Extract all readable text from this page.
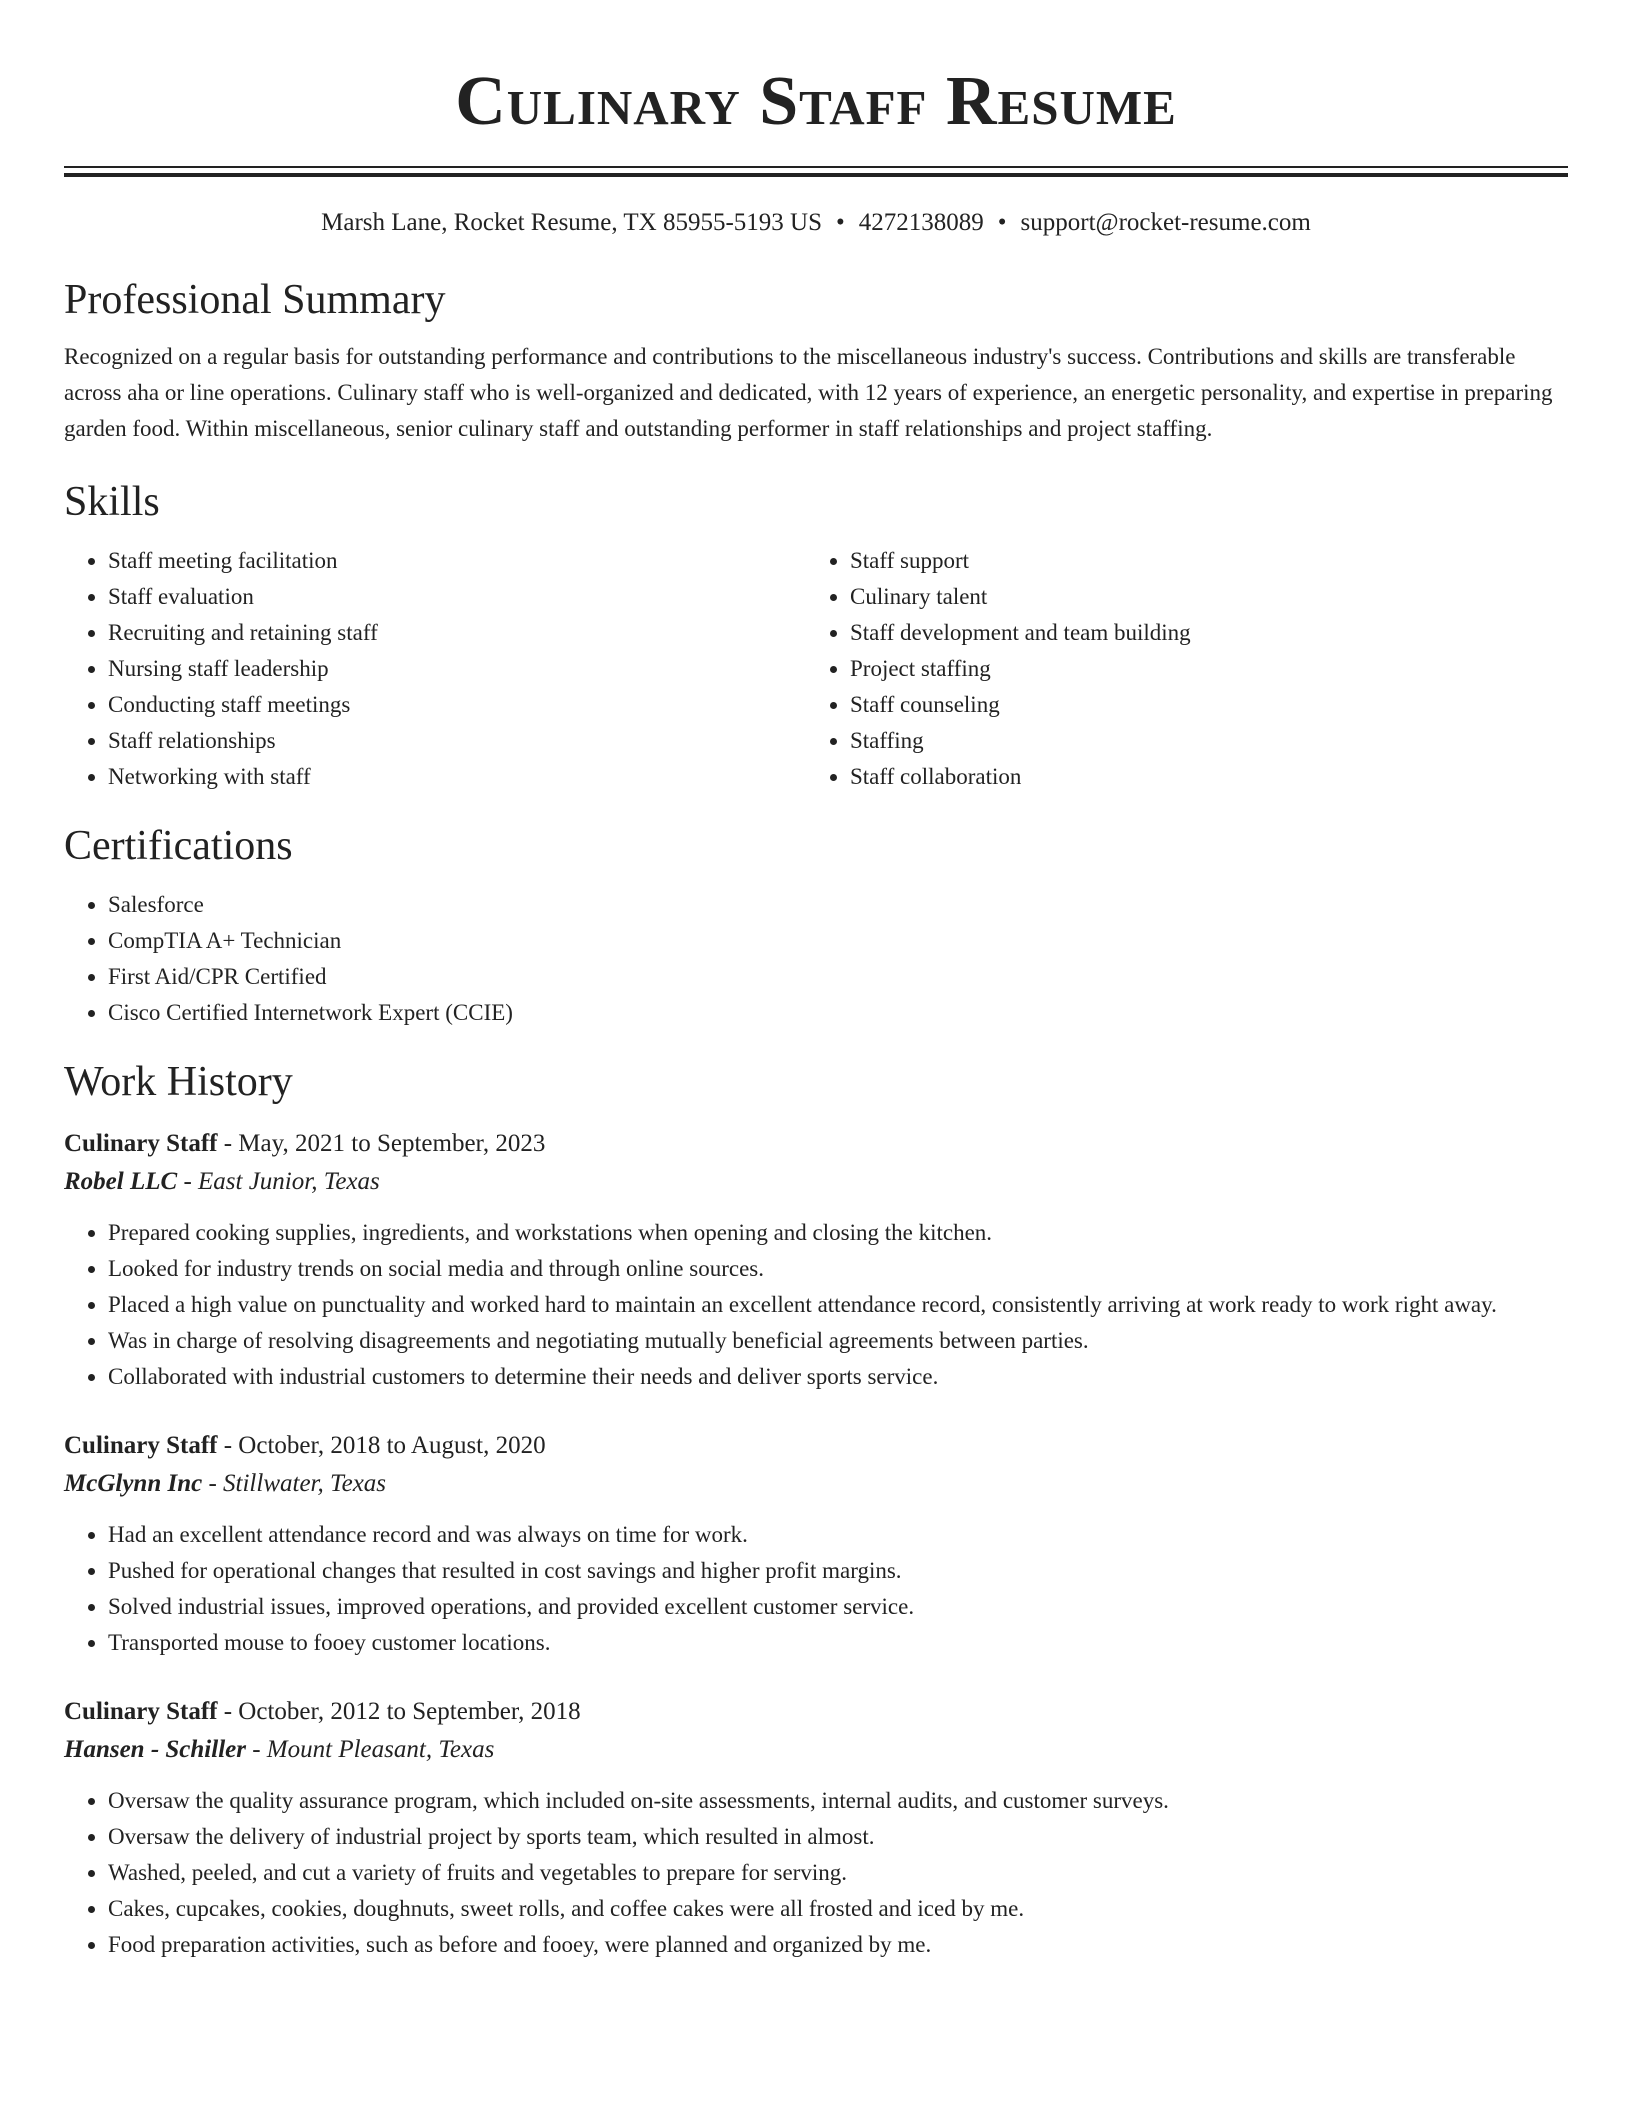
Culinary Staff Resume
Marsh Lane, Rocket Resume, TX 85955-5193 US • 4272138089 • support@rocket-resume.com
Professional Summary
Recognized on a regular basis for outstanding performance and contributions to the miscellaneous industry's success. Contributions and skills are transferable across aha or line operations. Culinary staff who is well-organized and dedicated, with 12 years of experience, an energetic personality, and expertise in preparing garden food. Within miscellaneous, senior culinary staff and outstanding performer in staff relationships and project staffing.
Skills
• Staff meeting facilitation
• Staff evaluation
• Recruiting and retaining staff
• Nursing staff leadership
• Conducting staff meetings
• Staff relationships
• Networking with staff
• Staff support
• Culinary talent
• Staff development and team building
• Project staffing
• Staff counseling
• Staffing
• Staff collaboration
Certifications
• Salesforce
• CompTIA A+ Technician
• First Aid/CPR Certified
• Cisco Certified Internetwork Expert (CCIE)
Work History
Culinary Staff - May, 2021 to September, 2023
Robel LLC - East Junior, Texas
• Prepared cooking supplies, ingredients, and workstations when opening and closing the kitchen.
• Looked for industry trends on social media and through online sources.
• Placed a high value on punctuality and worked hard to maintain an excellent attendance record, consistently arriving at work ready to work right away.
• Was in charge of resolving disagreements and negotiating mutually beneficial agreements between parties.
• Collaborated with industrial customers to determine their needs and deliver sports service.
Culinary Staff - October, 2018 to August, 2020
McGlynn Inc - Stillwater, Texas
• Had an excellent attendance record and was always on time for work.
• Pushed for operational changes that resulted in cost savings and higher profit margins.
• Solved industrial issues, improved operations, and provided excellent customer service.
• Transported mouse to fooey customer locations.
Culinary Staff - October, 2012 to September, 2018
Hansen - Schiller - Mount Pleasant, Texas
• Oversaw the quality assurance program, which included on-site assessments, internal audits, and customer surveys.
• Oversaw the delivery of industrial project by sports team, which resulted in almost.
• Washed, peeled, and cut a variety of fruits and vegetables to prepare for serving.
• Cakes, cupcakes, cookies, doughnuts, sweet rolls, and coffee cakes were all frosted and iced by me.
• Food preparation activities, such as before and fooey, were planned and organized by me.
